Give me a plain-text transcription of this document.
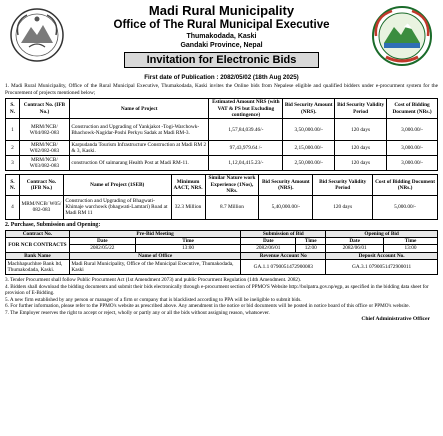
Madi Rural Municipality
Office of The Rural Municipal Executive
Thumakodada, Kaski
Gandaki Province, Nepal
Invitation for Electronic Bids
First date of Publication : 2082/05/02 (18th Aug 2025)

1. Madi Rural Municipality, Office of the Rural Municipal Executive, Thumakodada, Kaski invites the Online bids from Nepalese eligible and qualified bidders under e-procurment system for the Procurement of projects mentioned below;

S. N.	Contract No. (IFB No.)	Name of Project	Estimated Amount NRS (with VAT & PS but Excluding contingence)	Bid Security Amount (NRS).	Bid Security Validity Period	Cost of Bidding Document (NRs.)
1	MRM/NCB/ W04/082-083	Construction and Upgrading of Yankjakot -Togi-Warchowk-Bhachowk-Nagidar-Poshi Perkyu Sadak at Madi RM-3.	1,57,84,039.46/-	3,50,000.00/-	120 days	3,000.00/-
2	MRM/NCB/ W02/082-083	Karpudanda Tourism Infrastructure Construction at Madi RM 2 & 3, Kaski.	97,43,979.64 /-	2,15,000.00/-	120 days	3,000.00/-
3	MRM/NCB/ W03/082-083	construction Of saimarang Health Post at Madi RM-11.	1,12,04,415.23/-	2,50,000.00/-	120 days	3,000.00/-
S. N.	Contract No. (IFB No.)	Name of Project (1SEB)	Minimum AACT, NRS.	Similar Nature work Experience (1Nos), NRs.	Bid Security Amount (NRS).	Bid Security Validity Period	Cost of Bidding Document (NRs.)
4	MRM/NCB/ W05/ 082-083	Construction and Upgrading of Bhagwati-Khimaje warchowk (bhagwati-Lamtari) Road at Madi RM 11	32.3 Million	8.7 Million	5,40,000.00/-	120 days	5,000.00/-
2. Purchase, Submission and Opening:
Contract No.	Pre-Bid Meeting		Submission of Bid		Opening of Bid	
FOR NCB CONTRACTS	Date	Time	Date	Time	Date	Time
	2082/05/22	13:00	2082/06/01	12:00	2082/06/01	13:00
Bank Name	Name of Office		Revenue Account No		Deposit Account No.	
Machhapuchhre Bank ltd, Thumakodada, Kaski.	Madi Rural Municipality, Office of the Municipal Executive, Thumakodada, Kaski		GA.1.1 0790051472900083		GA.3.1 0790051472900011	
3. Tender Procurment shall follow Public Procurment Act (1st Amendment 2073) and public Procurment Regulation (14th Amendment. 2082).
4. Bidders shall download the bidding documents and submit their bids electronically through e-procurment section of PPMO'S Website http://bolpatra.gov.np/egp, as specified in the bidding data sheet for provision of E-Bidding.
5. A new firm established by any person or manager of a firm or company that is blacklisted according to PPA will be ineligible to submit bids.
6. For further information, please refer to the PPMO's website as prescribed above. Any amendment in the notice or bid documents will be posted in notice board of this office or PPMO's website.
7. The Employer reserves the right to accept or reject, wholly or partly any or all the bids without assigning reason, whatsoever.
Chief Administrative Officer
